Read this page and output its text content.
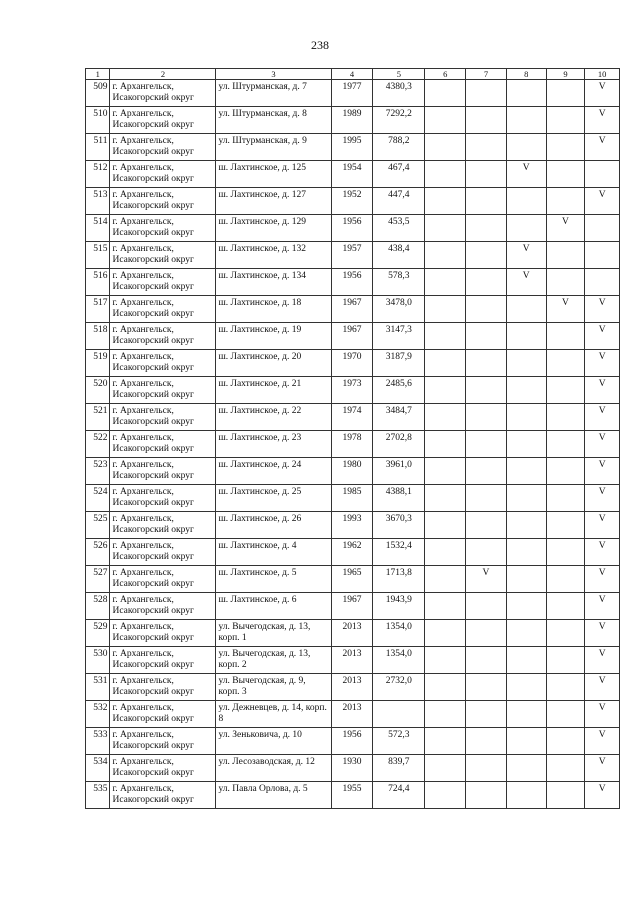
238
1	2	3	4	5	6	7	8	9	10
509	г. Архангельск,
Исакогорский округ	ул. Штурманская, д. 7	1977	4380,3					V
510	г. Архангельск,
Исакогорский округ	ул. Штурманская, д. 8	1989	7292,2					V
511	г. Архангельск,
Исакогорский округ	ул. Штурманская, д. 9	1995	788,2					V
512	г. Архангельск,
Исакогорский округ	ш. Лахтинское, д. 125	1954	467,4			V		
513	г. Архангельск,
Исакогорский округ	ш. Лахтинское, д. 127	1952	447,4					V
514	г. Архангельск,
Исакогорский округ	ш. Лахтинское, д. 129	1956	453,5				V	
515	г. Архангельск,
Исакогорский округ	ш. Лахтинское, д. 132	1957	438,4			V		
516	г. Архангельск,
Исакогорский округ	ш. Лахтинское, д. 134	1956	578,3			V		
517	г. Архангельск,
Исакогорский округ	ш. Лахтинское, д. 18	1967	3478,0				V	V
518	г. Архангельск,
Исакогорский округ	ш. Лахтинское, д. 19	1967	3147,3					V
519	г. Архангельск,
Исакогорский округ	ш. Лахтинское, д. 20	1970	3187,9					V
520	г. Архангельск,
Исакогорский округ	ш. Лахтинское, д. 21	1973	2485,6					V
521	г. Архангельск,
Исакогорский округ	ш. Лахтинское, д. 22	1974	3484,7					V
522	г. Архангельск,
Исакогорский округ	ш. Лахтинское, д. 23	1978	2702,8					V
523	г. Архангельск,
Исакогорский округ	ш. Лахтинское, д. 24	1980	3961,0					V
524	г. Архангельск,
Исакогорский округ	ш. Лахтинское, д. 25	1985	4388,1					V
525	г. Архангельск,
Исакогорский округ	ш. Лахтинское, д. 26	1993	3670,3					V
526	г. Архангельск,
Исакогорский округ	ш. Лахтинское, д. 4	1962	1532,4					V
527	г. Архангельск,
Исакогорский округ	ш. Лахтинское, д. 5	1965	1713,8		V			V
528	г. Архангельск,
Исакогорский округ	ш. Лахтинское, д. 6	1967	1943,9					V
529	г. Архангельск,
Исакогорский округ	ул. Вычегодская, д. 13, корп. 1	2013	1354,0					V
530	г. Архангельск,
Исакогорский округ	ул. Вычегодская, д. 13, корп. 2	2013	1354,0					V
531	г. Архангельск,
Исакогорский округ	ул. Вычегодская, д. 9, корп. 3	2013	2732,0					V
532	г. Архангельск,
Исакогорский округ	ул. Дежневцев, д. 14, корп. 8	2013						V
533	г. Архангельск,
Исакогорский округ	ул. Зеньковича, д. 10	1956	572,3					V
534	г. Архангельск,
Исакогорский округ	ул. Лесозаводская, д. 12	1930	839,7					V
535	г. Архангельск,
Исакогорский округ	ул. Павла Орлова, д. 5	1955	724,4					V
